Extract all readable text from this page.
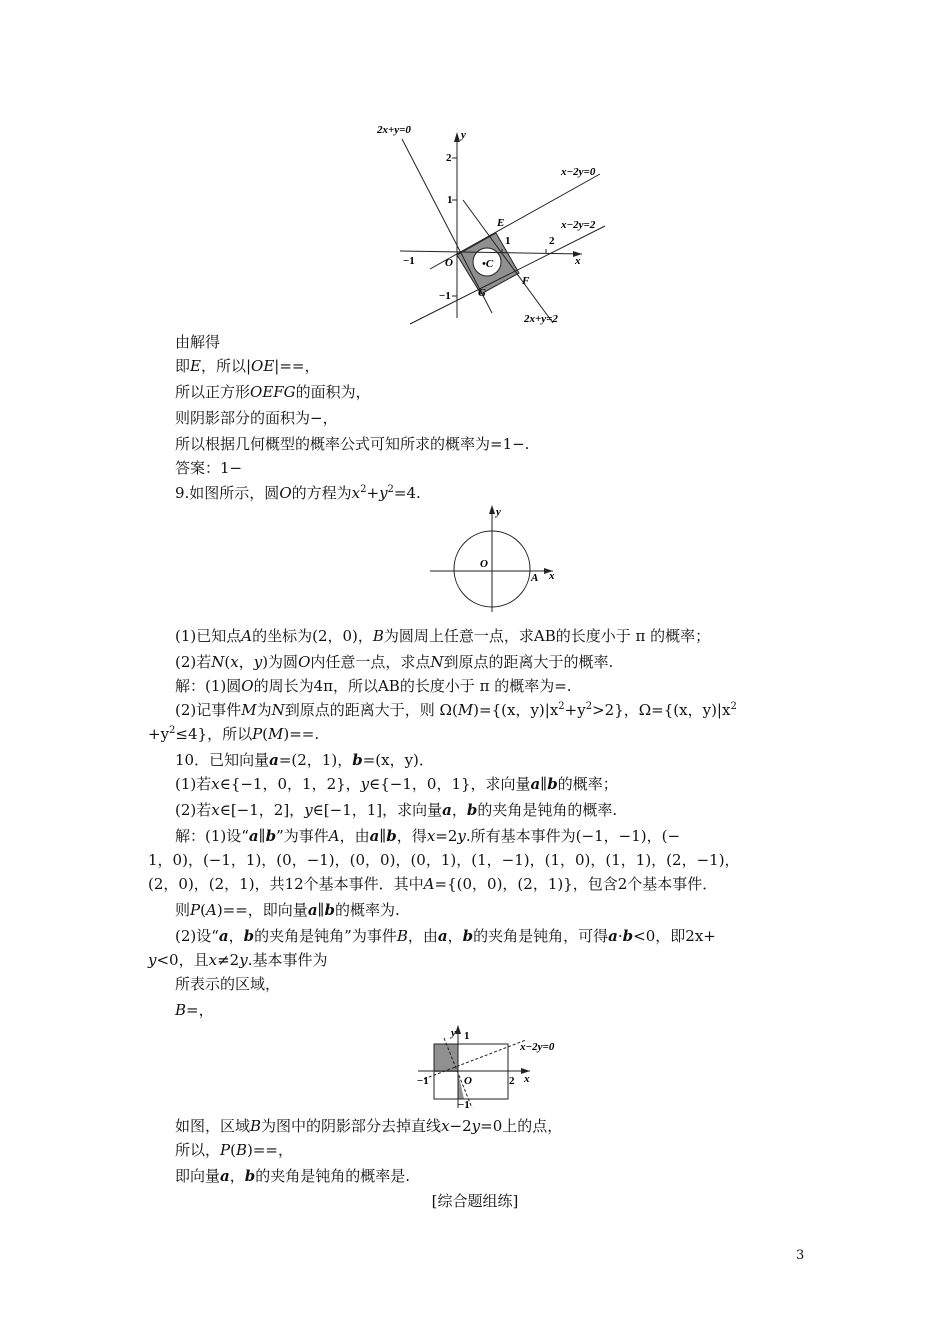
2x+y=0
x−2y=0
x−2y=2
2x+y=2
y
x
2
1
1	2
−1
−1
O	•C
E
F
G
由解得
即E，所以|OE|==，
所以正方形OEFG的面积为，
则阴影部分的面积为−，
所以根据几何概型的概率公式可知所求的概率为=1−.
答案：1−
9.如图所示，圆O的方程为$x^2+y^2=4$.
y
x
O
A
(1)已知点A的坐标为(2，0)，B为圆周上任意一点，求AB的长度小于 π 的概率；
(2)若N(x，y)为圆O内任意一点，求点N到原点的距离大于的概率.
解：(1)圆O的周长为4π，所以AB的长度小于 π 的概率为=.
(2)记事件M为N到原点的距离大于，则 Ω(M)={(x，$y)|x^2+y^2>2$}，Ω={(x，$y)|x^2$
$+y^2\le 4$}，所以P(M)==.
10．已知向量a=(2，1)，b=(x，y)．
(1)若x∈{−1，0，1，2}，y∈{−1，0，1}，求向量a∥b的概率；
(2)若x∈[−1，2]，y∈[−1，1]，求向量a，b的夹角是钝角的概率.
解：(1)设“a∥b”为事件A，由a∥b，得x=2y.所有基本事件为(−1，−1)，(−
1，0)，(−1，1)，(0，−1)，(0，0)，(0，1)，(1，−1)，(1，0)，(1，1)，(2，−1)，
(2，0)，(2，1)，共12个基本事件．其中A={(0，0)，(2，1)}，包含2个基本事件．
则P(A)==，即向量a∥b的概率为.
(2)设“a，b的夹角是钝角”为事件B，由a，b的夹角是钝角，可得a·b<0，即2x+
y<0，且x≠2y.基本事件为
所表示的区域，
B=，
y
x
1
−1	O	2
−1
x−2y=0
如图，区域B为图中的阴影部分去掉直线x−2y=0上的点，
所以，P(B)==，
即向量a，b的夹角是钝角的概率是.
[综合题组练]
3
